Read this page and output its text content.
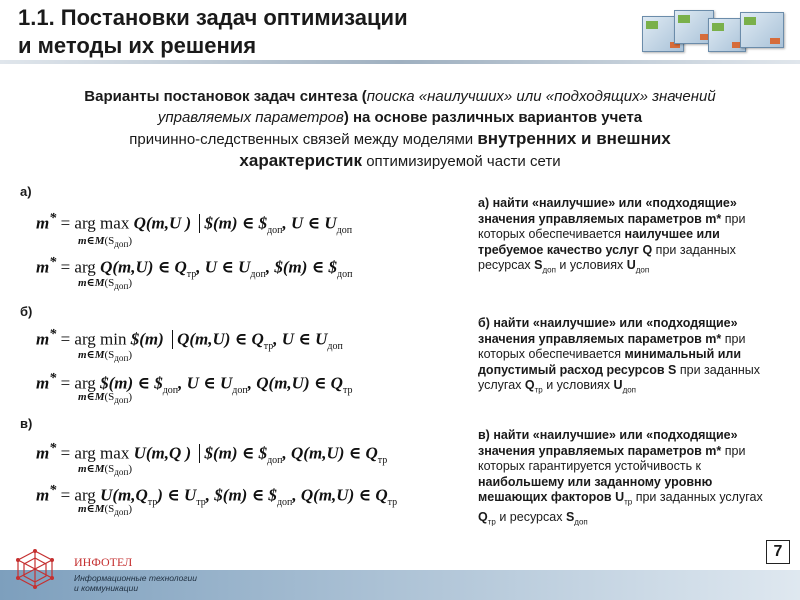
1.1. Постановки задач оптимизации
и методы их решения
Варианты постановок задач синтеза (поиска «наилучших» или «подходящих» значений управляемых параметров) на основе различных вариантов учета
причинно-следственных связей между моделями внутренних и внешних
характеристик оптимизируемой части сети
а)
m* = arg max Q(m,U ) $(m) ∈ $\$_{доп}$, U ∈ $U_{доп}$
$m\in M(S_{доп})$
m* = arg Q(m,U) ∈ $Q_{тр}$, U ∈ $U_{доп}$, $(m) ∈ $\$_{доп}$
$m\in M(S_{доп})$
а) найти «наилучшие» или «подходящие» значения управляемых параметров m* при которых обеспечивается наилучшее или требуемое качество услуг Q при заданных ресурсах $S_{доп}$ и условиях $U_{доп}$
б)
m* = arg min $(m) Q(m,U) ∈ $Q_{тр}$, U ∈ $U_{доп}$
$m\in M(S_{доп})$
m* = arg $(m) ∈ $\$_{доп}$, U ∈ $U_{доп}$, Q(m,U) ∈ $Q_{тр}$
$m\in M(S_{доп})$
б) найти «наилучшие» или «подходящие» значения управляемых параметров m* при которых обеспечивается минимальный или допустимый расход ресурсов S при заданных услугах $Q_{тр}$ и условиях $U_{доп}$
в)
m* = arg max U(m,Q ) $(m) ∈ $\$_{доп}$, Q(m,U) ∈ $Q_{тр}$
$m\in M(S_{доп})$
m* = arg $U(m,Q_{тр})$ ∈ $U_{тр}$, $(m) ∈ $\$_{доп}$, Q(m,U) ∈ $Q_{тр}$
$m\in M(S_{доп})$
в) найти «наилучшие» или «подходящие» значения управляемых параметров m* при которых гарантируется устойчивость к наибольшему или заданному уровню мешающих факторов $U_{тр}$ при заданных услугах $Q_{тр}$ и ресурсах $S_{доп}$
7
ИНФОТЕЛ
Информационные технологии
и коммуникации
